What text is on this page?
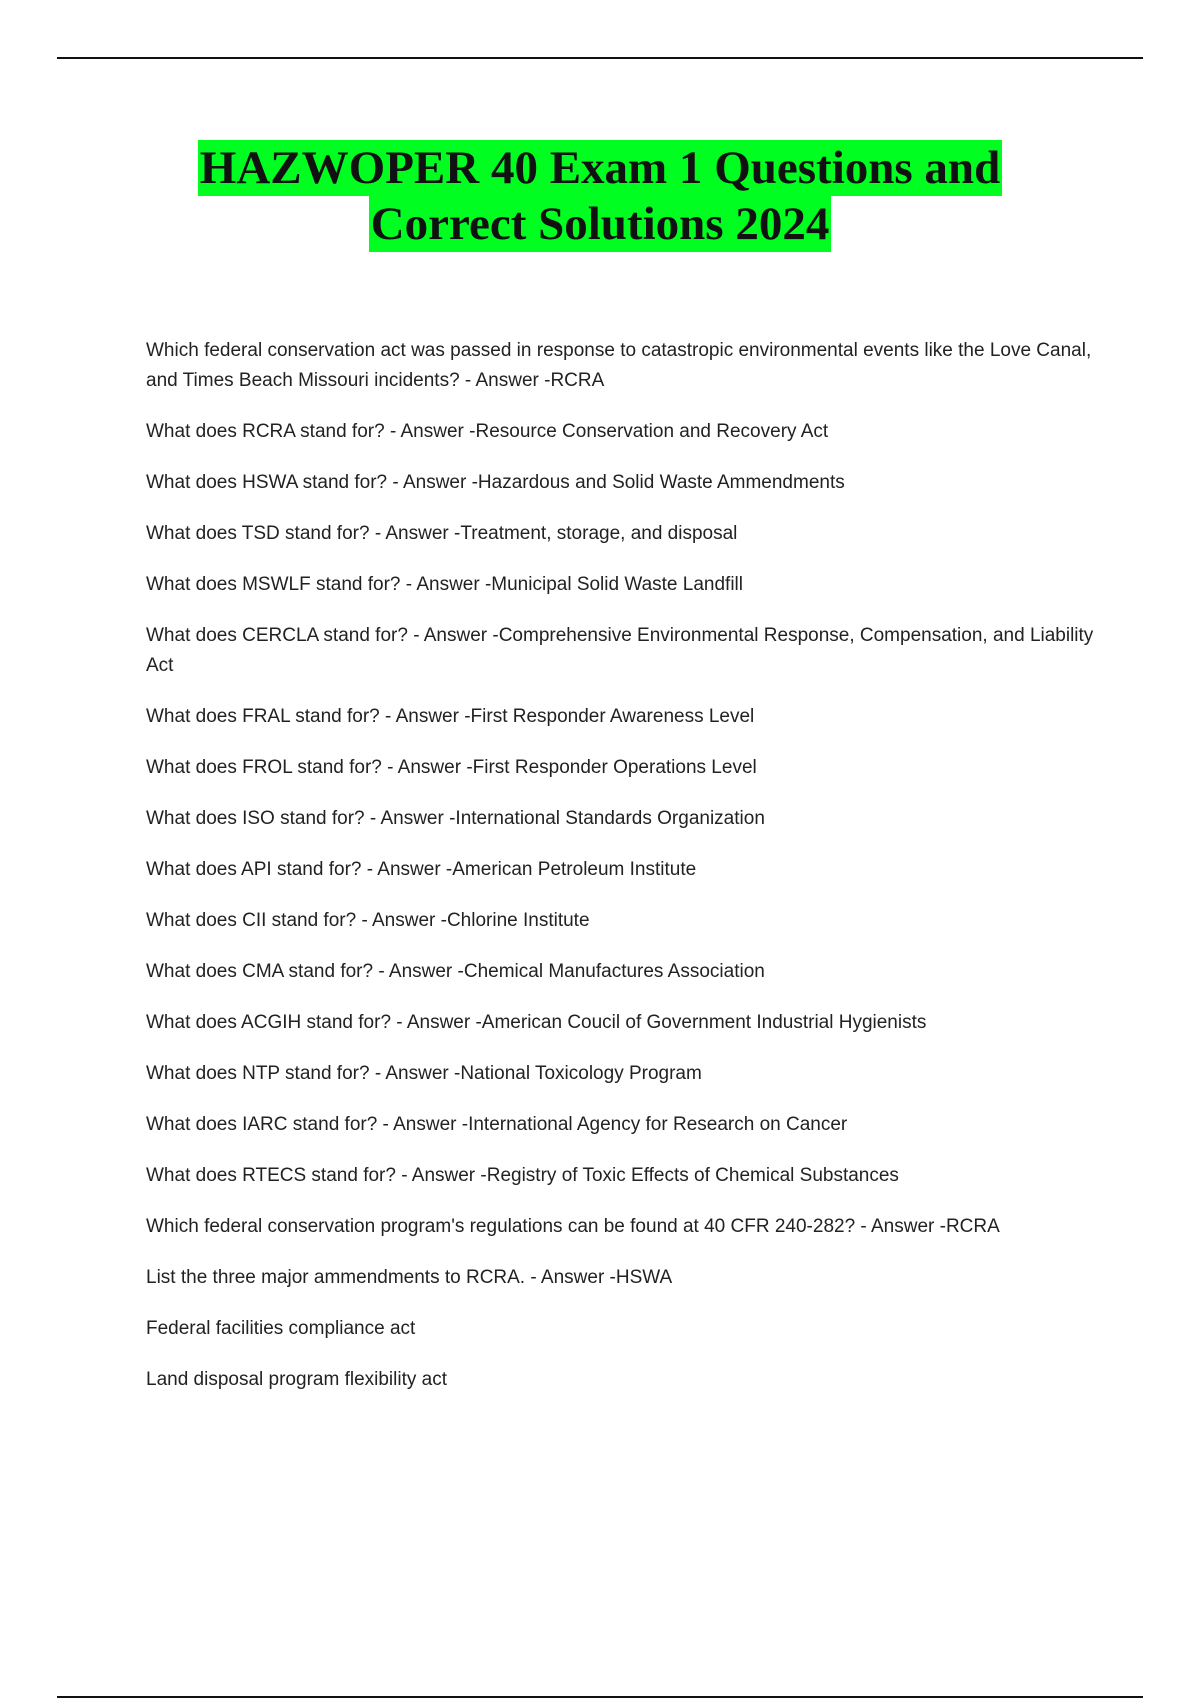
HAZWOPER 40 Exam 1 Questions and
Correct Solutions 2024
Which federal conservation act was passed in response to catastropic environmental events like the Love Canal, and Times Beach Missouri incidents? - Answer -RCRA
What does RCRA stand for? - Answer -Resource Conservation and Recovery Act
What does HSWA stand for? - Answer -Hazardous and Solid Waste Ammendments
What does TSD stand for? - Answer -Treatment, storage, and disposal
What does MSWLF stand for? - Answer -Municipal Solid Waste Landfill
What does CERCLA stand for? - Answer -Comprehensive Environmental Response, Compensation, and Liability Act
What does FRAL stand for? - Answer -First Responder Awareness Level
What does FROL stand for? - Answer -First Responder Operations Level
What does ISO stand for? - Answer -International Standards Organization
What does API stand for? - Answer -American Petroleum Institute
What does CII stand for? - Answer -Chlorine Institute
What does CMA stand for? - Answer -Chemical Manufactures Association
What does ACGIH stand for? - Answer -American Coucil of Government Industrial Hygienists
What does NTP stand for? - Answer -National Toxicology Program
What does IARC stand for? - Answer -International Agency for Research on Cancer
What does RTECS stand for? - Answer -Registry of Toxic Effects of Chemical Substances
Which federal conservation program's regulations can be found at 40 CFR 240-282? - Answer -RCRA
List the three major ammendments to RCRA. - Answer -HSWA
Federal facilities compliance act
Land disposal program flexibility act
